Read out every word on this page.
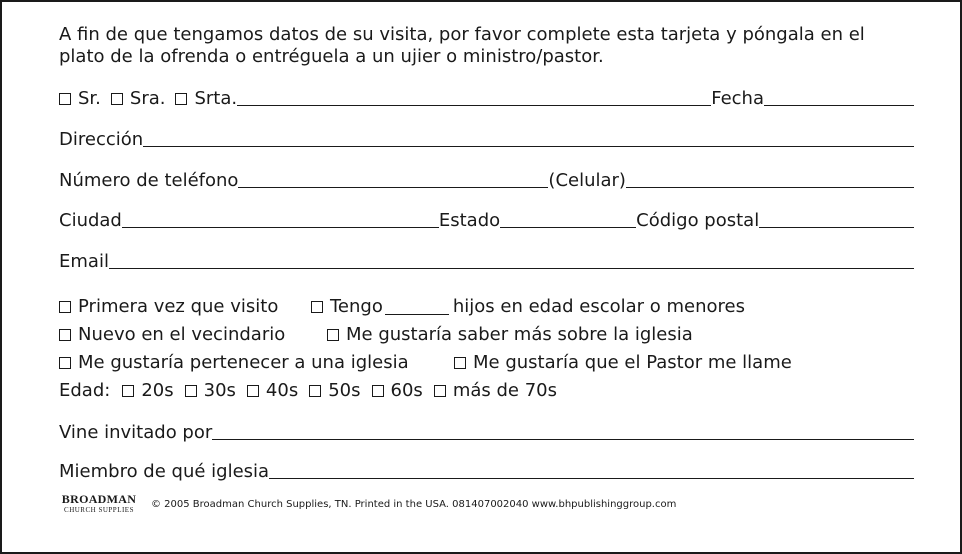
A fin de que tengamos datos de su visita, por favor complete esta tarjeta y póngala en el
plato de la ofrenda o entréguela a un ujier o ministro/pastor.

Sr. Sra. Srta.	Fecha
Dirección
Número de teléfono	(Celular)
Ciudad	Estado	Código postal
Email
Primera vez que visito	Tengo	hijos en edad escolar o menores
Nuevo en el vecindario	Me gustaría saber más sobre la iglesia
Me gustaría pertenecer a una iglesia	Me gustaría que el Pastor me llame
Edad: 20s 30s 40s 50s 60s más de 70s
Vine invitado por
Miembro de qué iglesia
BROADMAN
CHURCH SUPPLIES © 2005 Broadman Church Supplies, TN. Printed in the USA. 081407002040 www.bhpublishinggroup.com
